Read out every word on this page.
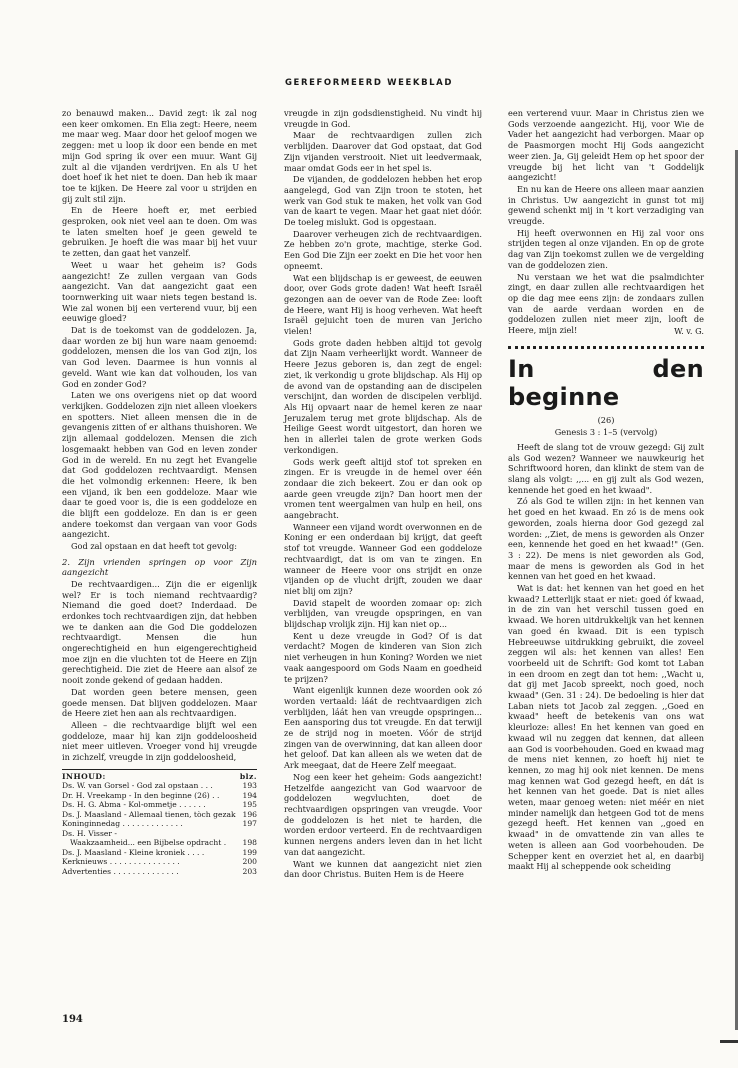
GEREFORMEERD WEEKBLAD

zo benauwd maken... David zegt: ik zal nog een keer omkomen. En Elia zegt: Heere, neem me maar weg. Maar door het geloof mogen we zeggen: met u loop ik door een bende en met mijn God spring ik over een muur. Want Gij zult al die vijanden verdrijven. En als U het doet hoef ik het niet te doen. Dan heb ik maar toe te kijken. De Heere zal voor u strijden en gij zult stil zijn.

En de Heere hoeft er, met eerbied gesproken, ook niet veel aan te doen. Om was te laten smelten hoef je geen geweld te gebruiken. Je hoeft die was maar bij het vuur te zetten, dan gaat het vanzelf.

Weet u waar het geheim is? Gods aangezicht! Ze zullen vergaan van Gods aangezicht. Van dat aangezicht gaat een toornwerking uit waar niets tegen bestand is. Wie zal wonen bij een verterend vuur, bij een eeuwige gloed?

Dat is de toekomst van de goddelozen. Ja, daar worden ze bij hun ware naam genoemd: goddelozen, mensen die los van God zijn, los van God leven. Daarmee is hun vonnis al geveld. Want wie kan dat volhouden, los van God en zonder God?

Laten we ons overigens niet op dat woord verkijken. Goddelozen zijn niet alleen vloekers en spotters. Niet alleen mensen die in de gevangenis zitten of er althans thuishoren. We zijn allemaal goddelozen. Mensen die zich losgemaakt hebben van God en leven zonder God in de wereld. En nu zegt het Evangelie dat God goddelozen rechtvaardigt. Mensen die het volmondig erkennen: Heere, ik ben een vijand, ik ben een goddeloze. Maar wie daar te goed voor is, die is een goddeloze en die blijft een goddeloze. En dan is er geen andere toekomst dan vergaan van voor Gods aangezicht.

God zal opstaan en dat heeft tot gevolg:

2. Zijn vrienden springen op voor Zijn aangezicht

De rechtvaardigen... Zijn die er eigenlijk wel? Er is toch niemand rechtvaardig? Niemand die goed doet? Inderdaad. De erdonkes toch rechtvaardigen zijn, dat hebben we te danken aan die God Die goddelozen rechtvaardigt. Mensen die hun ongerechtigheid en hun eigengerechtigheid moe zijn en die vluchten tot de Heere en Zijn gerechtigheid. Die ziet de Heere aan alsof ze nooit zonde gekend of gedaan hadden.

Dat worden geen betere mensen, geen goede mensen. Dat blijven goddelozen. Maar de Heere ziet hen aan als rechtvaardigen.

Alleen – die rechtvaardige blijft wel een goddeloze, maar hij kan zijn goddeloosheid niet meer uitleven. Vroeger vond hij vreugde in zichzelf, vreugde in zijn goddeloosheid,

INHOUD:	blz.
Ds. W. van Gorsel - God zal opstaan . . .	193
Dr. H. Vreekamp - In den beginne (26) . .	194
Ds. H. G. Abma - Kol-ommetje . . . . . .	195
Ds. J. Maasland - Allemaal tienen, tòch gezak 196
Koninginnedag . . . . . . . . . . . . .	197
Ds. H. Visser -
Waakzaamheid... een Bijbelse opdracht . 198
Ds. J. Maasland - Kleine kroniek . . . .	199
Kerknieuws . . . . . . . . . . . . . . .	200
Advertenties . . . . . . . . . . . . . .	203

vreugde in zijn godsdienstigheid. Nu vindt hij vreugde in God.

Maar de rechtvaardigen zullen zich verblijden. Daarover dat God opstaat, dat God Zijn vijanden verstrooit. Niet uit leedvermaak, maar omdat Gods eer in het spel is.

De vijanden, de goddelozen hebben het erop aangelegd, God van Zijn troon te stoten, het werk van God stuk te maken, het volk van God van de kaart te vegen. Maar het gaat niet dóór. De toeleg mislukt. God is opgestaan.

Daarover verheugen zich de rechtvaardigen. Ze hebben zo'n grote, machtige, sterke God. Een God Die Zijn eer zoekt en Die het voor hen opneemt.

Wat een blijdschap is er geweest, de eeuwen door, over Gods grote daden! Wat heeft Israël gezongen aan de oever van de Rode Zee: looft de Heere, want Hij is hoog verheven. Wat heeft Israël gejuicht toen de muren van Jericho vielen!

Gods grote daden hebben altijd tot gevolg dat Zijn Naam verheerlijkt wordt. Wanneer de Heere Jezus geboren is, dan zegt de engel: ziet, ik verkondig u grote blijdschap. Als Hij op de avond van de opstanding aan de discipelen verschijnt, dan worden de discipelen verblijd. Als Hij opvaart naar de hemel keren ze naar Jeruzalem terug met grote blijdschap. Als de Heilige Geest wordt uitgestort, dan horen we hen in allerlei talen de grote werken Gods verkondigen.

Gods werk geeft altijd stof tot spreken en zingen. Er is vreugde in de hemel over één zondaar die zich bekeert. Zou er dan ook op aarde geen vreugde zijn? Dan hoort men der vromen tent weergalmen van hulp en heil, ons aangebracht.

Wanneer een vijand wordt overwonnen en de Koning er een onderdaan bij krijgt, dat geeft stof tot vreugde. Wanneer God een goddeloze rechtvaardigt, dat is om van te zingen. En wanneer de Heere voor ons strijdt en onze vijanden op de vlucht drijft, zouden we daar niet blij om zijn?

David stapelt de woorden zomaar op: zich verblijden, van vreugde opspringen, en van blijdschap vrolijk zijn. Hij kan niet op...

Kent u deze vreugde in God? Of is dat verdacht? Mogen de kinderen van Sion zich niet verheugen in hun Koning? Worden we niet vaak aangespoord om Gods Naam en goedheid te prijzen?

Want eigenlijk kunnen deze woorden ook zó worden vertaald: láát de rechtvaardigen zich verblijden, láát hen van vreugde opspringen... Een aansporing dus tot vreugde. En dat terwijl ze de strijd nog in moeten. Vóór de strijd zingen van de overwinning, dat kan alleen door het geloof. Dat kan alleen als we weten dat de Ark meegaat, dat de Heere Zelf meegaat.

Nog een keer het geheim: Gods aangezicht! Hetzelfde aangezicht van God waarvoor de goddelozen wegvluchten, doet de rechtvaardigen opspringen van vreugde. Voor de goddelozen is het niet te harden, die worden erdoor verteerd. En de rechtvaardigen kunnen nergens anders leven dan in het licht van dat aangezicht.

Want we kunnen dat aangezicht niet zien dan door Christus. Buiten Hem is de Heere

een verterend vuur. Maar in Christus zien we Gods verzoende aangezicht. Hij, voor Wie de Vader het aangezicht had verborgen. Maar op de Paasmorgen mocht Hij Gods aangezicht weer zien. Ja, Gij geleidt Hem op het spoor der vreugde bij het licht van 't Goddelijk aangezicht!

En nu kan de Heere ons alleen maar aanzien in Christus. Uw aangezicht in gunst tot mij gewend schenkt mij in 't kort verzadiging van vreugde.

Hij heeft overwonnen en Hij zal voor ons strijden tegen al onze vijanden. En op de grote dag van Zijn toekomst zullen we de vergelding van de goddelozen zien.

Nu verstaan we het wat die psalmdichter zingt, en daar zullen alle rechtvaardigen het op die dag mee eens zijn: de zondaars zullen van de aarde verdaan worden en de goddelozen zullen niet meer zijn, looft de Heere, mijn ziel!	W. v. G.

In den beginne

(26)

Genesis 3 : 1–5 (vervolg)

Heeft de slang tot de vrouw gezegd: Gij zult als God wezen? Wanneer we nauwkeurig het Schriftwoord horen, dan klinkt de stem van de slang als volgt: ,,... en gij zult als God wezen, kennende het goed en het kwaad".

Zó als God te willen zijn: in het kennen van het goed en het kwaad. En zó is de mens ook geworden, zoals hierna door God gezegd zal worden: ,,Ziet, de mens is geworden als Onzer een, kennende het goed en het kwaad!" (Gen. 3 : 22). De mens is niet geworden als God, maar de mens is geworden als God in het kennen van het goed en het kwaad.

Wat is dat: het kennen van het goed en het kwaad? Letterlijk staat er niet: goed óf kwaad, in de zin van het verschil tussen goed en kwaad. We horen uitdrukkelijk van het kennen van goed én kwaad. Dit is een typisch Hebreeuwse uitdrukking gebruikt, die zoveel zeggen wil als: het kennen van alles! Een voorbeeld uit de Schrift: God komt tot Laban in een droom en zegt dan tot hem: ,,Wacht u, dat gij met Jacob spreekt, noch goed, noch kwaad" (Gen. 31 : 24). De bedoeling is hier dat Laban niets tot Jacob zal zeggen. ,,Goed en kwaad" heeft de betekenis van ons wat kleurloze: alles! En het kennen van goed en kwaad wil nu zeggen dat kennen, dat alleen aan God is voorbehouden. Goed en kwaad mag de mens niet kennen, zo hoeft hij niet te kennen, zo mag hij ook niet kennen. De mens mag kennen wat God gezegd heeft, en dát is het kennen van het goede. Dat is niet alles weten, maar genoeg weten: niet méér en niet minder namelijk dan hetgeen God tot de mens gezegd heeft. Het kennen van ,,goed en kwaad" in de omvattende zin van alles te weten is alleen aan God voorbehouden. De Schepper kent en overziet het al, en daarbij maakt Hij al scheppende ook scheiding

194
